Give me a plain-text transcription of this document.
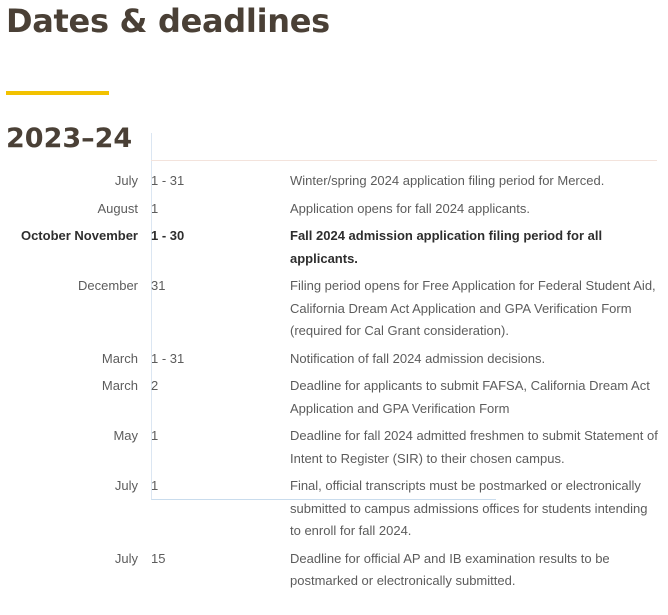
Dates & deadlines
2023–24
July	1 - 31	Winter/spring 2024 application filing period for Merced.
August	1	Application opens for fall 2024 applicants.
October November	1 - 30	Fall 2024 admission application filing period for all applicants.
December	31	Filing period opens for Free Application for Federal Student Aid, California Dream Act Application and GPA Verification Form (required for Cal Grant consideration).
March	1 - 31	Notification of fall 2024 admission decisions.
March	2	Deadline for applicants to submit FAFSA, California Dream Act Application and GPA Verification Form
May	1	Deadline for fall 2024 admitted freshmen to submit Statement of Intent to Register (SIR) to their chosen campus.
July	1	Final, official transcripts must be postmarked or electronically submitted to campus admissions offices for students intending to enroll for fall 2024.
July	15	Deadline for official AP and IB examination results to be postmarked or electronically submitted.
